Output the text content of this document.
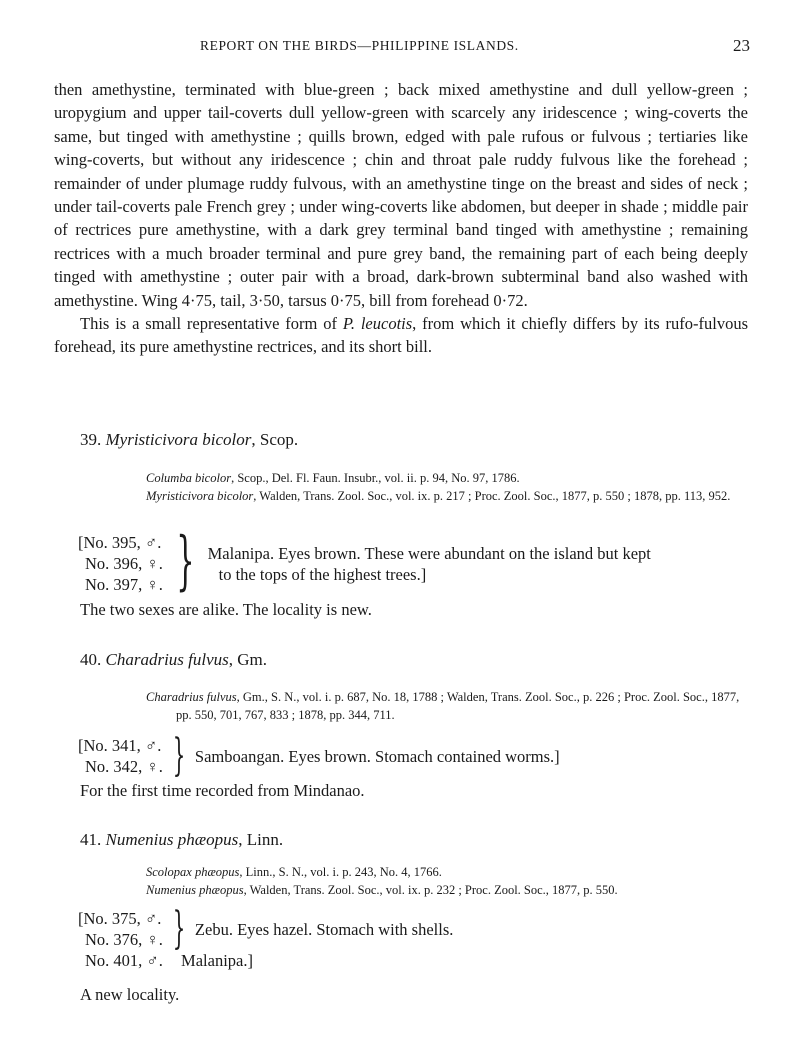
REPORT ON THE BIRDS—PHILIPPINE ISLANDS.	23

then amethystine, terminated with blue-green ; back mixed amethystine and dull yellow-green ; uropygium and upper tail-coverts dull yellow-green with scarcely any iridescence ; wing-coverts the same, but tinged with amethystine ; quills brown, edged with pale rufous or fulvous ; tertiaries like wing-coverts, but without any iridescence ; chin and throat pale ruddy fulvous like the forehead ; remainder of under plumage ruddy fulvous, with an amethystine tinge on the breast and sides of neck ; under tail-coverts pale French grey ; under wing-coverts like abdomen, but deeper in shade ; middle pair of rectrices pure amethystine, with a dark grey terminal band tinged with amethystine ; remaining rectrices with a much broader terminal and pure grey band, the remaining part of each being deeply tinged with amethystine ; outer pair with a broad, dark-brown subterminal band also washed with amethystine. Wing 4·75, tail, 3·50, tarsus 0·75, bill from forehead 0·72.

This is a small representative form of P. leucotis, from which it chiefly differs by its rufo-fulvous forehead, its pure amethystine rectrices, and its short bill.

39. Myristicivora bicolor, Scop.
Columba bicolor, Scop., Del. Fl. Faun. Insubr., vol. ii. p. 94, No. 97, 1786.
Myristicivora bicolor, Walden, Trans. Zool. Soc., vol. ix. p. 217 ; Proc. Zool. Soc., 1877, p. 550 ; 1878, pp. 113, 952.
[No. 395, ♂.
No. 396, ♀.
No. 397, ♀.	}	Malanipa. Eyes brown. These were abundant on the island but kept
to the tops of the highest trees.]
The two sexes are alike. The locality is new.
40. Charadrius fulvus, Gm.
Charadrius fulvus, Gm., S. N., vol. i. p. 687, No. 18, 1788 ; Walden, Trans. Zool. Soc., p. 226 ; Proc. Zool. Soc., 1877, pp. 550, 701, 767, 833 ; 1878, pp. 344, 711.
[No. 341, ♂.
No. 342, ♀.	}	Samboangan. Eyes brown. Stomach contained worms.]
For the first time recorded from Mindanao.
41. Numenius phæopus, Linn.
Scolopax phæopus, Linn., S. N., vol. i. p. 243, No. 4, 1766.
Numenius phæopus, Walden, Trans. Zool. Soc., vol. ix. p. 232 ; Proc. Zool. Soc., 1877, p. 550.
[No. 375, ♂.
No. 376, ♀.	}	Zebu. Eyes hazel. Stomach with shells.
No. 401, ♂. Malanipa.]
A new locality.
